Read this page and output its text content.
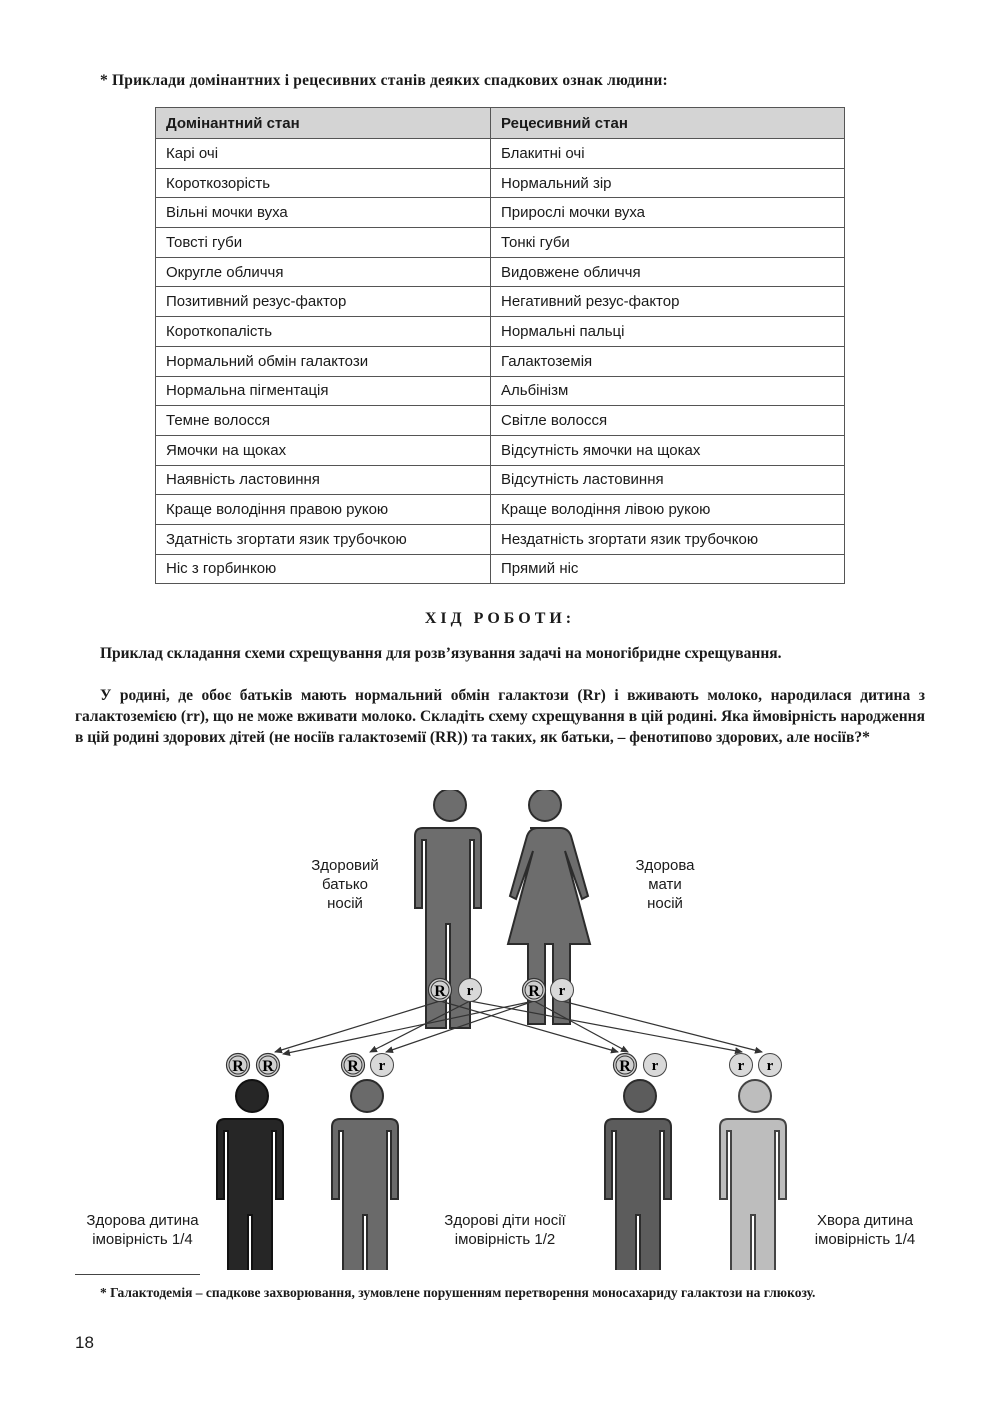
* Приклади домінантних і рецесивних станів деяких спадкових ознак людини:
Домінантний стан	Рецесивний стан
Карі очі	Блакитні очі
Короткозорість	Нормальний зір
Вільні мочки вуха	Прирослі мочки вуха
Товсті губи	Тонкі губи
Округле обличчя	Видовжене обличчя
Позитивний резус-фактор	Негативний резус-фактор
Короткопалість	Нормальні пальці
Нормальний обмін галактози	Галактоземія
Нормальна пігментація	Альбінізм
Темне волосся	Світле волосся
Ямочки на щоках	Відсутність ямочки на щоках
Наявність ластовиння	Відсутність ластовиння
Краще володіння правою рукою	Краще володіння лівою рукою
Здатність згортати язик трубочкою	Нездатність згортати язик трубочкою
Ніс з горбинкою	Прямий ніс
ХІД РОБОТИ:

Приклад складання схеми схрещування для розв’язування задачі на моногібридне схрещування.

У родині, де обоє батьків мають нормальний обмін галактози (Rr) і вживають молоко, народилася дитина з галактоземією (rr), що не може вживати молоко. Складіть схему схрещування в цій родині. Яка ймовірність народження в цій родині здорових дітей (не носіїв галактоземії (RR)) та таких, як батьки, – фенотипово здорових, але носіїв?*

R r	R r
R R	R r	R r	r r
Здоровий
батько
носій
Здорова
мати
носій
Здорова дитина
імовірність 1/4
Здорові діти носії
імовірність 1/2
Хвора дитина
імовірність 1/4

* Галактодемія – спадкове захворювання, зумовлене порушенням перетворення моносахариду галактози на глюкозу.

18
